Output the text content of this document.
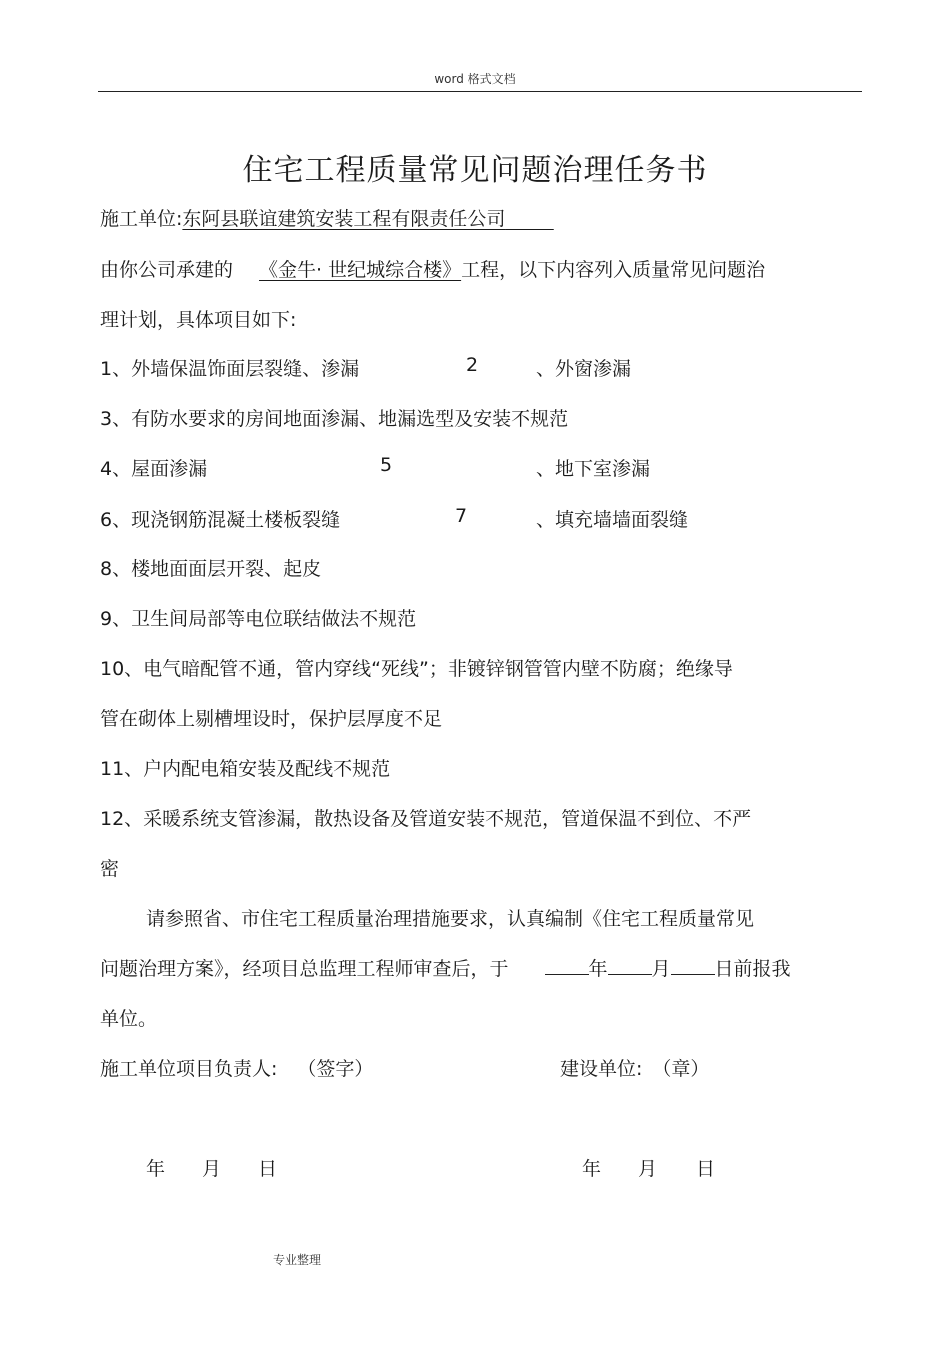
word 格式文档
住宅工程质量常见问题治理任务书
施工单位:东阿县联谊建筑安装工程有限责任公司
由你公司承建的 《金牛· 世纪城综合楼》工程，以下内容列入质量常见问题治
理计划，具体项目如下:
1、外墙保温饰面层裂缝、渗漏	2	、外窗渗漏
3、有防水要求的房间地面渗漏、地漏选型及安装不规范
4、屋面渗漏	5	、地下室渗漏
6、现浇钢筋混凝土楼板裂缝	7	、填充墙墙面裂缝
8、楼地面面层开裂、起皮
9、卫生间局部等电位联结做法不规范
10、电气暗配管不通，管内穿线“死线”；非镀锌钢管管内壁不防腐；绝缘导
管在砌体上剔槽埋设时，保护层厚度不足
11、户内配电箱安装及配线不规范
12、采暖系统支管渗漏，散热设备及管道安装不规范，管道保温不到位、不严
密
请参照省、市住宅工程质量治理措施要求，认真编制《住宅工程质量常见
问题治理方案》，经项目总监理工程师审查后，于	年 月 日前报我
单位。
施工单位项目负责人: （签字）	建设单位: （章）
年 月 日	年 月 日
专业整理
